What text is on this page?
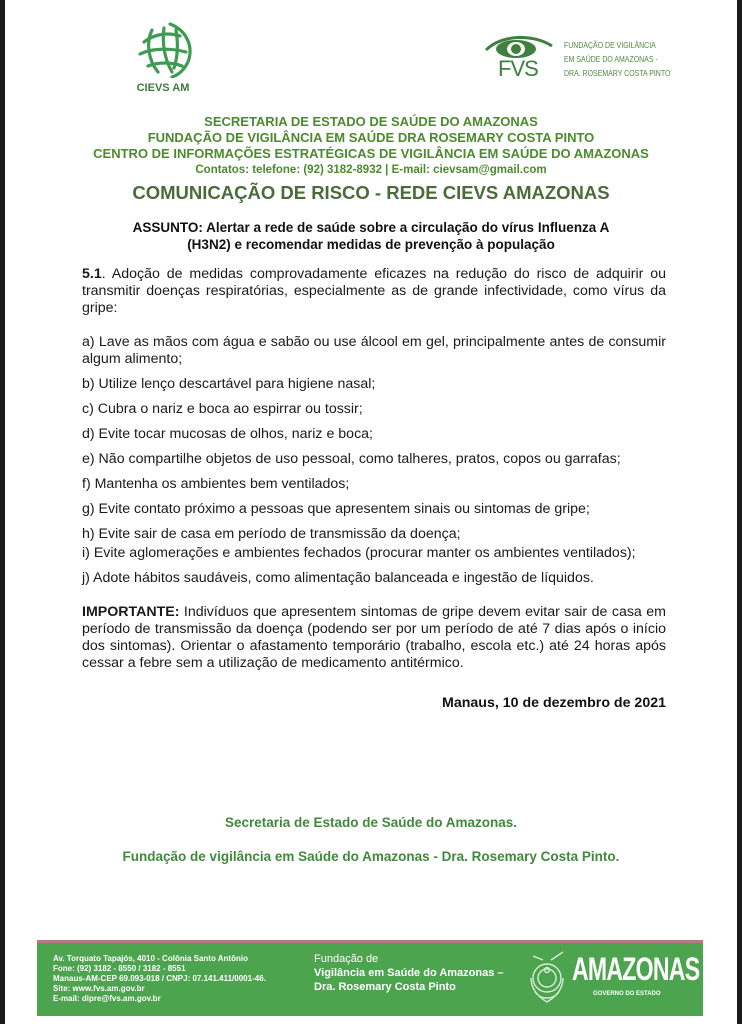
CIEVS AM
FVS
FUNDAÇÃO DE VIGILÂNCIA
EM SAÚDE DO AMAZONAS -
DRA. ROSEMARY COSTA PINTO
SECRETARIA DE ESTADO DE SAÚDE DO AMAZONAS
FUNDAÇÃO DE VIGILÂNCIA EM SAÚDE DRA ROSEMARY COSTA PINTO
CENTRO DE INFORMAÇÕES ESTRATÉGICAS DE VIGILÂNCIA EM SAÚDE DO AMAZONAS
Contatos: telefone: (92) 3182-8932 | E-mail: cievsam@gmail.com
COMUNICAÇÃO DE RISCO - REDE CIEVS AMAZONAS
ASSUNTO: Alertar a rede de saúde sobre a circulação do vírus Influenza A
(H3N2) e recomendar medidas de prevenção à população
5.1. Adoção de medidas comprovadamente eficazes na redução do risco de adquirir ou transmitir doenças respiratórias, especialmente as de grande infectividade, como vírus da gripe:
a) Lave as mãos com água e sabão ou use álcool em gel, principalmente antes de consumir algum alimento;
b) Utilize lenço descartável para higiene nasal;
c) Cubra o nariz e boca ao espirrar ou tossir;
d) Evite tocar mucosas de olhos, nariz e boca;
e) Não compartilhe objetos de uso pessoal, como talheres, pratos, copos ou garrafas;
f) Mantenha os ambientes bem ventilados;
g) Evite contato próximo a pessoas que apresentem sinais ou sintomas de gripe;
h) Evite sair de casa em período de transmissão da doença;
i) Evite aglomerações e ambientes fechados (procurar manter os ambientes ventilados);
j) Adote hábitos saudáveis, como alimentação balanceada e ingestão de líquidos.
IMPORTANTE: Indivíduos que apresentem sintomas de gripe devem evitar sair de casa em período de transmissão da doença (podendo ser por um período de até 7 dias após o início dos sintomas). Orientar o afastamento temporário (trabalho, escola etc.) até 24 horas após cessar a febre sem a utilização de medicamento antitérmico.
Manaus, 10 de dezembro de 2021
Secretaria de Estado de Saúde do Amazonas.
Fundação de vigilância em Saúde do Amazonas - Dra. Rosemary Costa Pinto.
Av. Torquato Tapajós, 4010 - Colônia Santo Antônio
Fone: (92) 3182 - 8550 / 3182 - 8551
Manaus-AM-CEP 69.093-018 / CNPJ: 07.141.411/0001-46.
Site: www.fvs.am.gov.br
E-mail: dipre@fvs.am.gov.br
Fundação de
Vigilância em Saúde do Amazonas –
Dra. Rosemary Costa Pinto	AMAZONAS
GOVERNO DO ESTADO
